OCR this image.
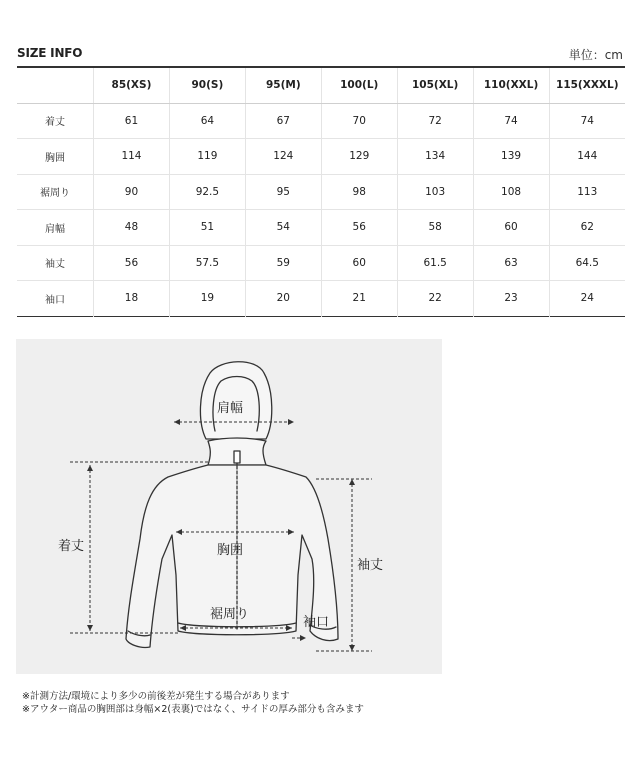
SIZE INFO	単位：cm
	85(XS)	90(S)	95(M)	100(L)	105(XL)	110(XXL)	115(XXXL)
着丈	61	64	67	70	72	74	74
胸囲	114	119	124	129	134	139	144
裾周り	90	92.5	95	98	103	108	113
肩幅	48	51	54	56	58	60	62
袖丈	56	57.5	59	60	61.5	63	64.5
袖口	18	19	20	21	22	23	24
肩幅
着丈	胸囲
裾周り
袖丈
袖口
※計測方法/環境により多少の前後差が発生する場合があります
※アウター商品の胸囲部は身幅×2(表裏)ではなく、サイドの厚み部分も含みます
